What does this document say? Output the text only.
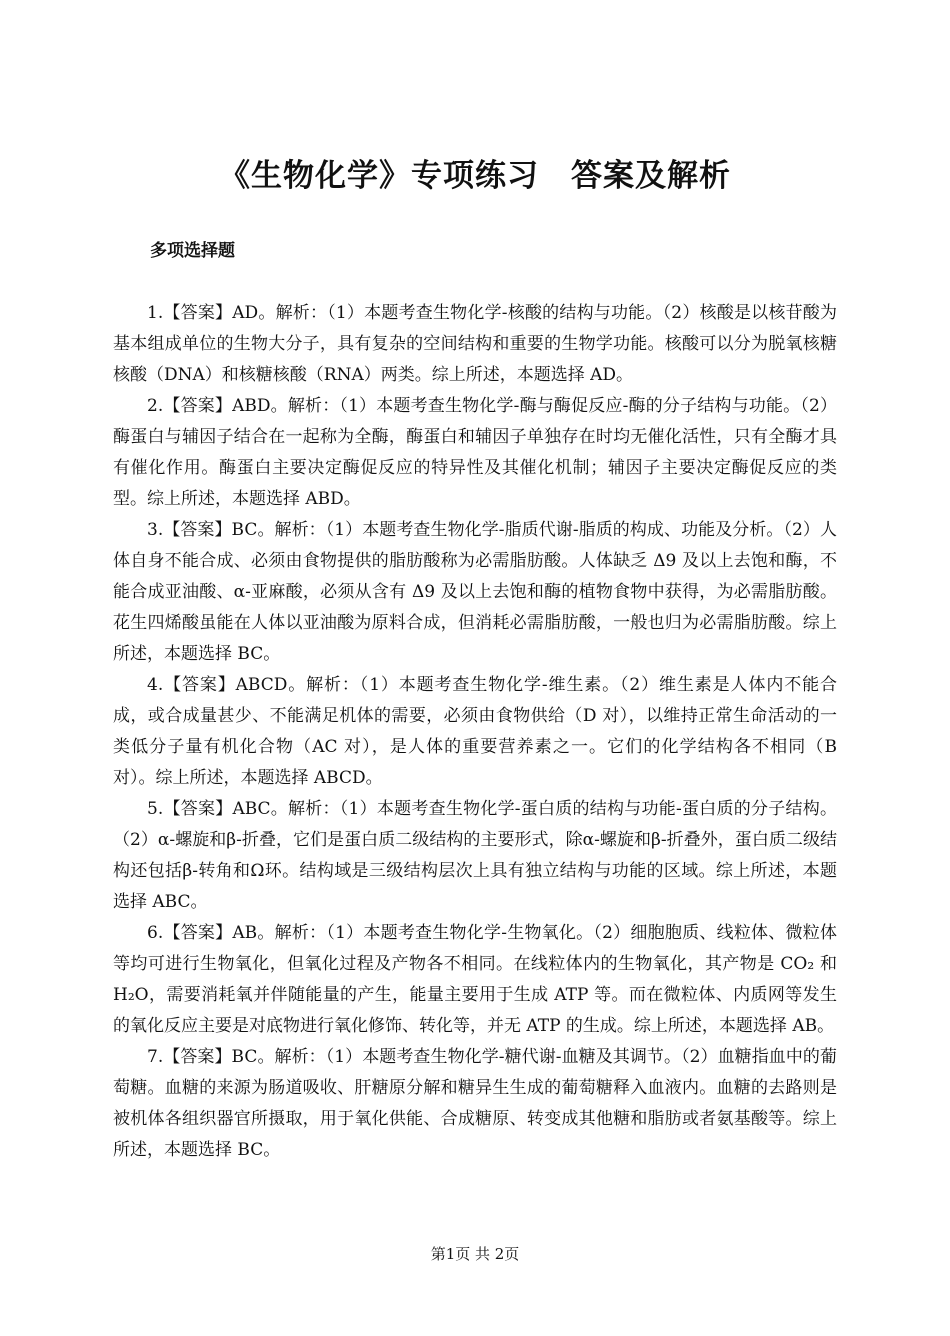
《生物化学》专项练习　答案及解析
多项选择题

1.【答案】AD。解析：（1）本题考查生物化学-核酸的结构与功能。（2）核酸是以核苷酸为基本组成单位的生物大分子，具有复杂的空间结构和重要的生物学功能。核酸可以分为脱氧核糖核酸（DNA）和核糖核酸（RNA）两类。综上所述，本题选择 AD。

2.【答案】ABD。解析：（1）本题考查生物化学-酶与酶促反应-酶的分子结构与功能。（2）酶蛋白与辅因子结合在一起称为全酶，酶蛋白和辅因子单独存在时均无催化活性，只有全酶才具有催化作用。酶蛋白主要决定酶促反应的特异性及其催化机制；辅因子主要决定酶促反应的类型。综上所述，本题选择 ABD。

3.【答案】BC。解析：（1）本题考查生物化学-脂质代谢-脂质的构成、功能及分析。（2）人体自身不能合成、必须由食物提供的脂肪酸称为必需脂肪酸。人体缺乏 Δ9 及以上去饱和酶，不能合成亚油酸、α-亚麻酸，必须从含有 Δ9 及以上去饱和酶的植物食物中获得，为必需脂肪酸。花生四烯酸虽能在人体以亚油酸为原料合成，但消耗必需脂肪酸，一般也归为必需脂肪酸。综上所述，本题选择 BC。

4.【答案】ABCD。解析：（1）本题考查生物化学-维生素。（2）维生素是人体内不能合成，或合成量甚少、不能满足机体的需要，必须由食物供给（D 对），以维持正常生命活动的一类低分子量有机化合物（AC 对），是人体的重要营养素之一。它们的化学结构各不相同（B 对）。综上所述，本题选择 ABCD。

5.【答案】ABC。解析：（1）本题考查生物化学-蛋白质的结构与功能-蛋白质的分子结构。（2）α-螺旋和β-折叠，它们是蛋白质二级结构的主要形式，除α-螺旋和β-折叠外，蛋白质二级结构还包括β-转角和Ω环。结构域是三级结构层次上具有独立结构与功能的区域。综上所述，本题选择 ABC。

6.【答案】AB。解析：（1）本题考查生物化学-生物氧化。（2）细胞胞质、线粒体、微粒体等均可进行生物氧化，但氧化过程及产物各不相同。在线粒体内的生物氧化，其产物是 CO₂ 和 H₂O，需要消耗氧并伴随能量的产生，能量主要用于生成 ATP 等。而在微粒体、内质网等发生的氧化反应主要是对底物进行氧化修饰、转化等，并无 ATP 的生成。综上所述，本题选择 AB。

7.【答案】BC。解析：（1）本题考查生物化学-糖代谢-血糖及其调节。（2）血糖指血中的葡萄糖。血糖的来源为肠道吸收、肝糖原分解和糖异生生成的葡萄糖释入血液内。血糖的去路则是被机体各组织器官所摄取，用于氧化供能、合成糖原、转变成其他糖和脂肪或者氨基酸等。综上所述，本题选择 BC。

第1页 共 2页
